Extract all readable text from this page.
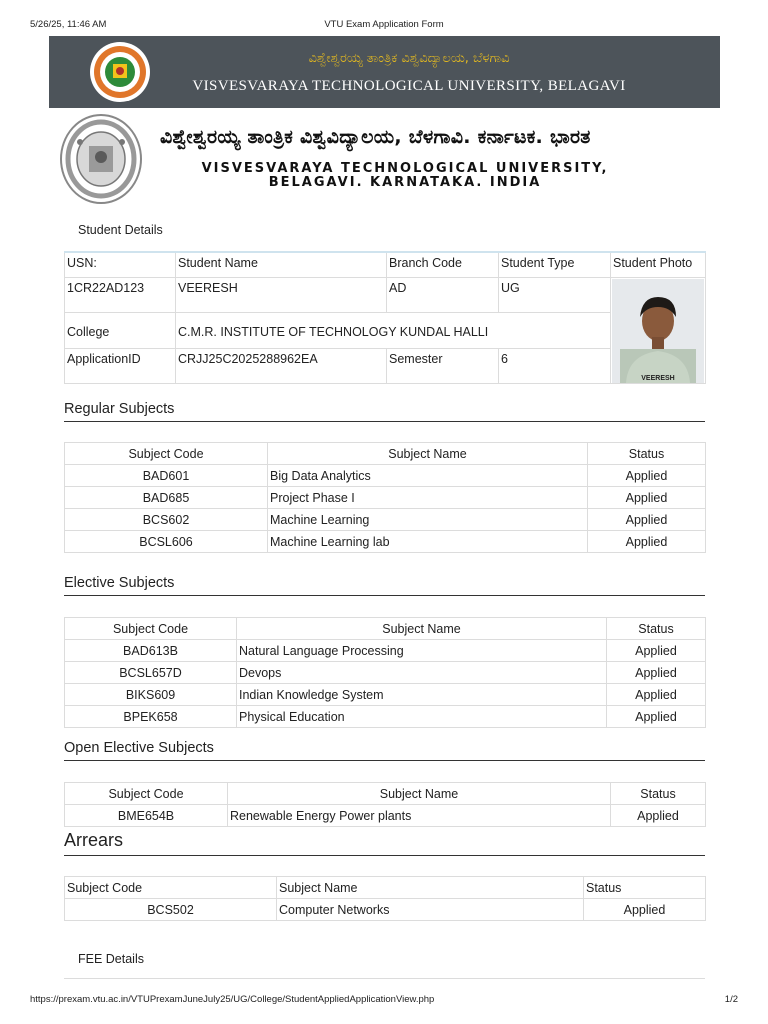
5/26/25, 11:46 AM	VTU Exam Application Form
ವಿಶ್ವೇಶ್ವರಯ್ಯ ತಾಂತ್ರಿಕ ವಿಶ್ವವಿದ್ಯಾಲಯ, ಬೆಳಗಾವಿ
VISVESVARAYA TECHNOLOGICAL UNIVERSITY, BELAGAVI
ವಿಶ್ವೇಶ್ವರಯ್ಯ ತಾಂತ್ರಿಕ ವಿಶ್ವವಿದ್ಯಾಲಯ, ಬೆಳಗಾವಿ. ಕರ್ನಾಟಕ. ಭಾರತ
VISVESVARAYA TECHNOLOGICAL UNIVERSITY,
BELAGAVI. KARNATAKA. INDIA
Student Details
USN:	Student Name	Branch Code	Student Type	Student Photo
1CR22AD123	VEERESH	AD	UG	VEERESH

College	C.M.R. INSTITUTE OF TECHNOLOGY KUNDAL HALLI			
ApplicationID	CRJJ25C2025288962EA	Semester	6	
Regular Subjects
Subject Code	Subject Name	Status
BAD601	Big Data Analytics	Applied
BAD685	Project Phase I	Applied
BCS602	Machine Learning	Applied
BCSL606	Machine Learning lab	Applied
Elective Subjects
Subject Code	Subject Name	Status
BAD613B	Natural Language Processing	Applied
BCSL657D	Devops	Applied
BIKS609	Indian Knowledge System	Applied
BPEK658	Physical Education	Applied
Open Elective Subjects
Subject Code	Subject Name	Status
BME654B	Renewable Energy Power plants	Applied
Arrears
Subject Code	Subject Name	Status
BCS502	Computer Networks	Applied
FEE Details
https://prexam.vtu.ac.in/VTUPrexamJuneJuly25/UG/College/StudentAppliedApplicationView.php	1/2
